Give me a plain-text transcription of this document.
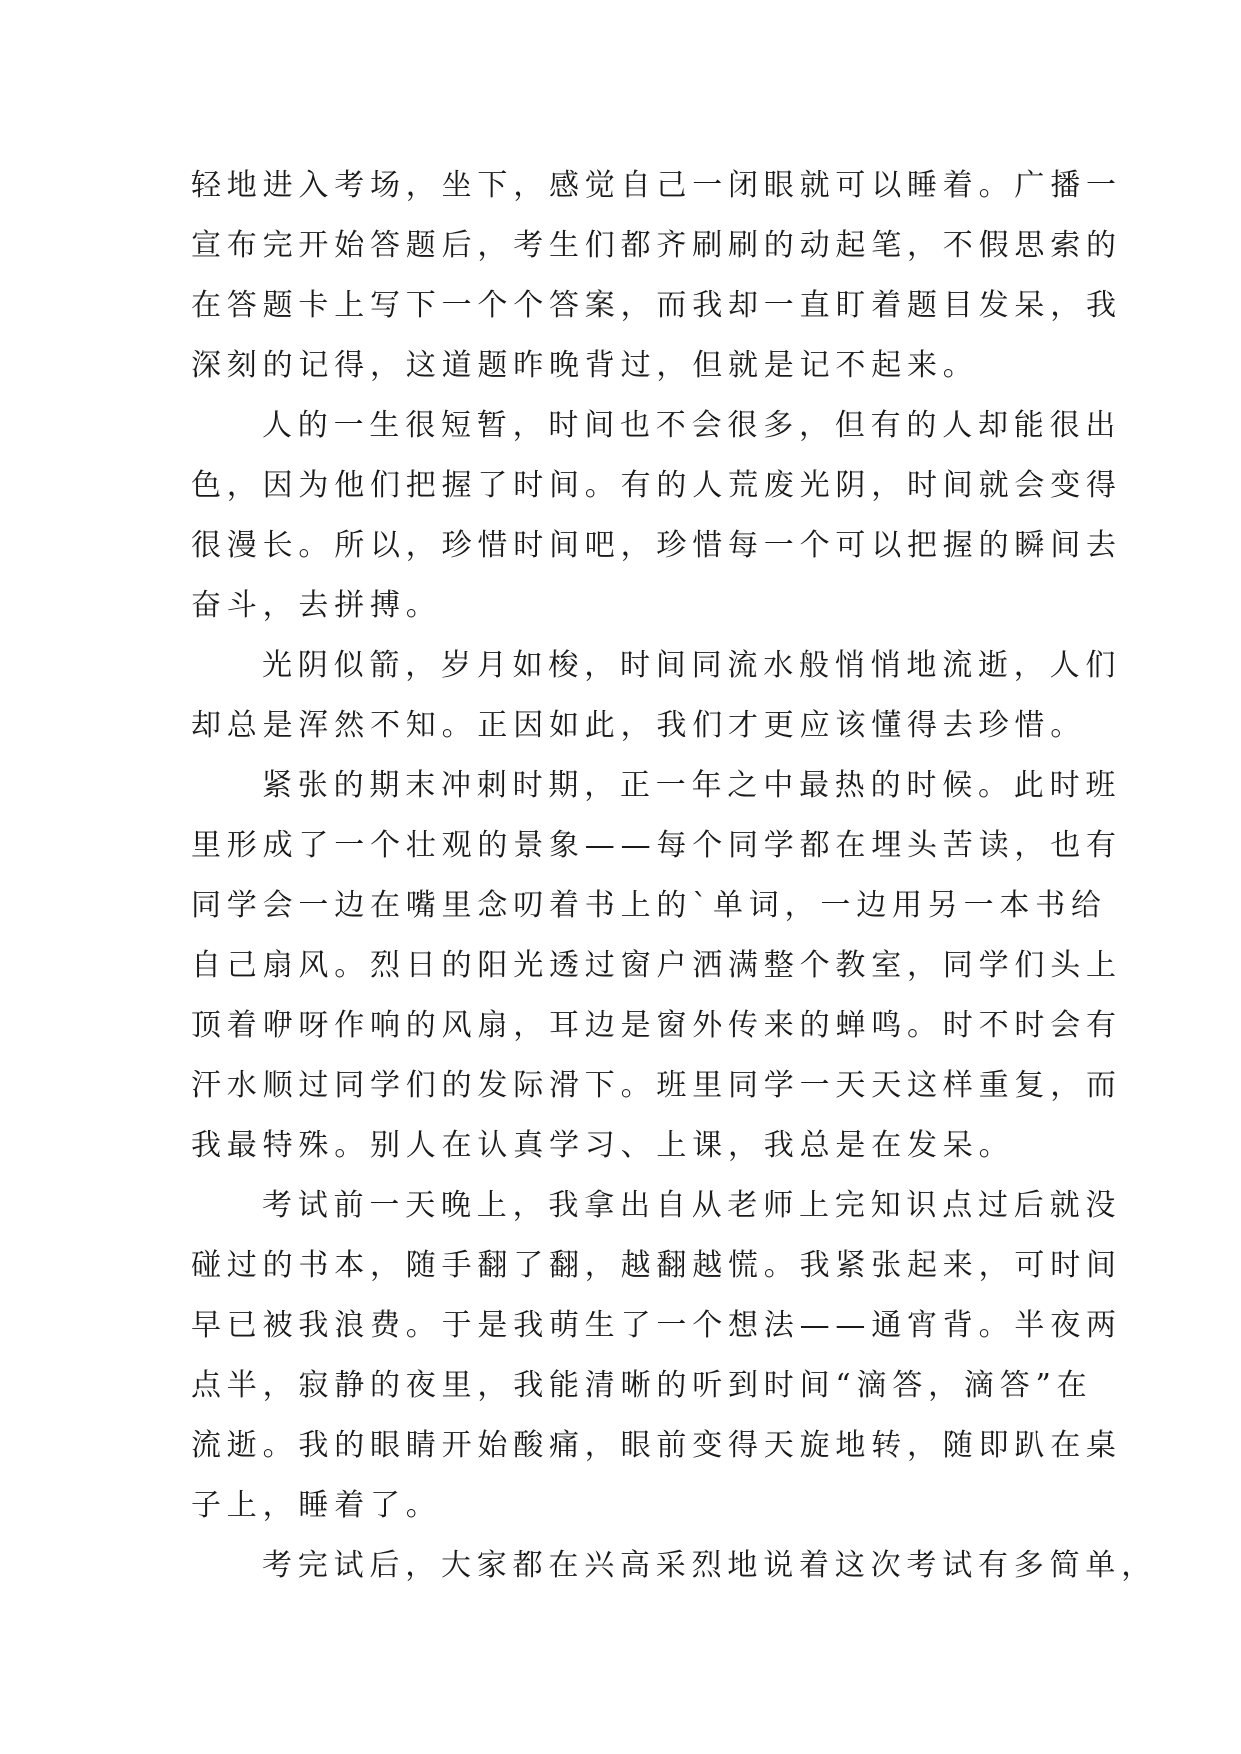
轻地进入考场，坐下，感觉自己一闭眼就可以睡着。广播一
宣布完开始答题后，考生们都齐刷刷的动起笔，不假思索的
在答题卡上写下一个个答案，而我却一直盯着题目发呆，我
深刻的记得，这道题昨晚背过，但就是记不起来。
人的一生很短暂，时间也不会很多，但有的人却能很出
色，因为他们把握了时间。有的人荒废光阴，时间就会变得
很漫长。所以，珍惜时间吧，珍惜每一个可以把握的瞬间去
奋斗，去拼搏。
光阴似箭，岁月如梭，时间同流水般悄悄地流逝，人们
却总是浑然不知。正因如此，我们才更应该懂得去珍惜。
紧张的期末冲刺时期，正一年之中最热的时候。此时班
里形成了一个壮观的景象——每个同学都在埋头苦读，也有
同学会一边在嘴里念叨着书上的`单词，一边用另一本书给
自己扇风。烈日的阳光透过窗户洒满整个教室，同学们头上
顶着咿呀作响的风扇，耳边是窗外传来的蝉鸣。时不时会有
汗水顺过同学们的发际滑下。班里同学一天天这样重复，而
我最特殊。别人在认真学习、上课，我总是在发呆。
考试前一天晚上，我拿出自从老师上完知识点过后就没
碰过的书本，随手翻了翻，越翻越慌。我紧张起来，可时间
早已被我浪费。于是我萌生了一个想法——通宵背。半夜两
点半，寂静的夜里，我能清晰的听到时间“滴答，滴答”在
流逝。我的眼睛开始酸痛，眼前变得天旋地转，随即趴在桌
子上，睡着了。
考完试后，大家都在兴高采烈地说着这次考试有多简单，
